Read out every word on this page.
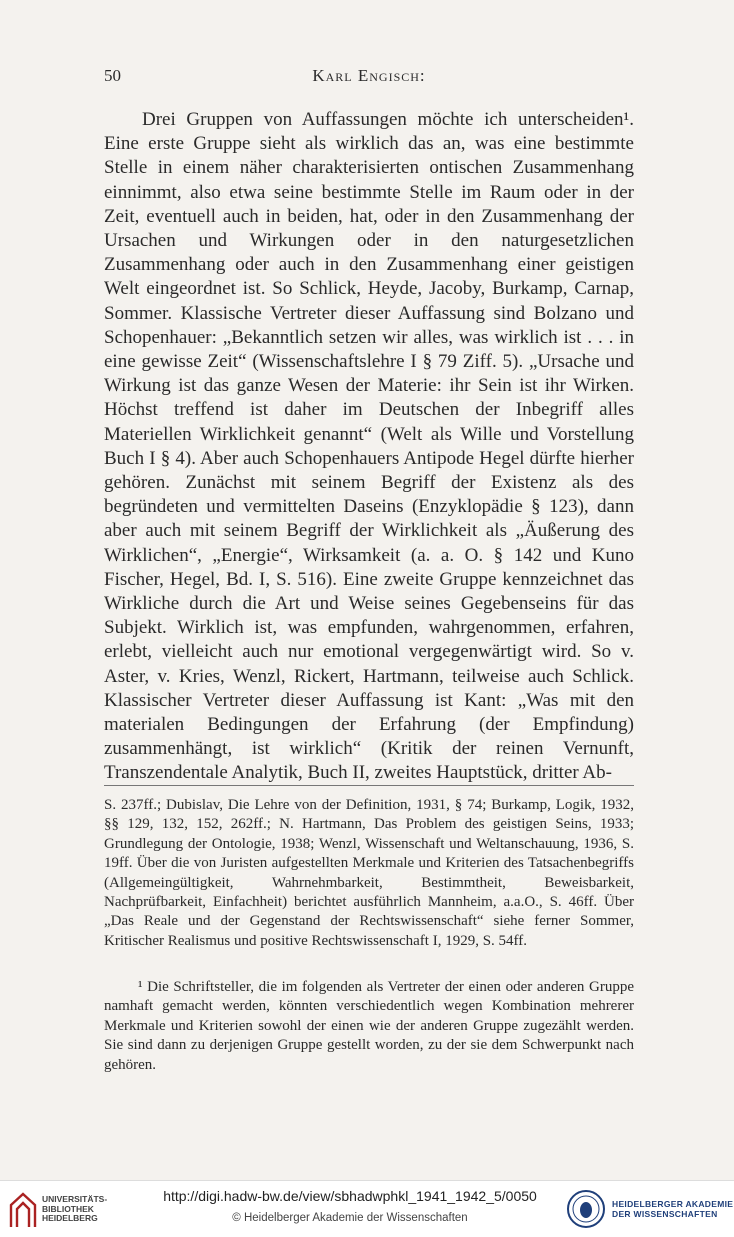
50	Karl Engisch:

Drei Gruppen von Auffassungen möchte ich unterscheiden¹. Eine erste Gruppe sieht als wirklich das an, was eine bestimmte Stelle in einem näher charakterisierten ontischen Zusammenhang einnimmt, also etwa seine bestimmte Stelle im Raum oder in der Zeit, eventuell auch in beiden, hat, oder in den Zusammenhang der Ursachen und Wirkungen oder in den naturgesetzlichen Zusammenhang oder auch in den Zusammenhang einer geistigen Welt eingeordnet ist. So Schlick, Heyde, Jacoby, Burkamp, Carnap, Sommer. Klassische Vertreter dieser Auffassung sind Bolzano und Schopenhauer: „Bekanntlich setzen wir alles, was wirklich ist . . . in eine gewisse Zeit“ (Wissenschaftslehre I § 79 Ziff. 5). „Ursache und Wirkung ist das ganze Wesen der Materie: ihr Sein ist ihr Wirken. Höchst treffend ist daher im Deutschen der Inbegriff alles Materiellen Wirklichkeit genannt“ (Welt als Wille und Vorstellung Buch I § 4). Aber auch Schopenhauers Antipode Hegel dürfte hierher gehören. Zunächst mit seinem Begriff der Existenz als des begründeten und vermittelten Daseins (Enzyklopädie § 123), dann aber auch mit seinem Begriff der Wirklichkeit als „Äußerung des Wirklichen“, „Energie“, Wirksamkeit (a. a. O. § 142 und Kuno Fischer, Hegel, Bd. I, S. 516). Eine zweite Gruppe kennzeichnet das Wirkliche durch die Art und Weise seines Gegebenseins für das Subjekt. Wirklich ist, was empfunden, wahrgenommen, erfahren, erlebt, vielleicht auch nur emotional vergegenwärtigt wird. So v. Aster, v. Kries, Wenzl, Rickert, Hartmann, teilweise auch Schlick. Klassischer Vertreter dieser Auffassung ist Kant: „Was mit den materialen Bedingungen der Erfahrung (der Empfindung) zusammenhängt, ist wirklich“ (Kritik der reinen Vernunft, Transzendentale Analytik, Buch II, zweites Hauptstück, dritter Ab-

S. 237ff.; Dubislav, Die Lehre von der Definition, 1931, § 74; Burkamp, Logik, 1932, §§ 129, 132, 152, 262ff.; N. Hartmann, Das Problem des geistigen Seins, 1933; Grundlegung der Ontologie, 1938; Wenzl, Wissenschaft und Weltanschauung, 1936, S. 19ff. Über die von Juristen aufgestellten Merkmale und Kriterien des Tatsachenbegriffs (Allgemeingültigkeit, Wahrnehmbarkeit, Bestimmtheit, Beweisbarkeit, Nachprüfbarkeit, Einfachheit) berichtet ausführlich Mannheim, a.a.O., S. 46ff. Über „Das Reale und der Gegenstand der Rechtswissenschaft“ siehe ferner Sommer, Kritischer Realismus und positive Rechtswissenschaft I, 1929, S. 54ff.

¹ Die Schriftsteller, die im folgenden als Vertreter der einen oder anderen Gruppe namhaft gemacht werden, könnten verschiedentlich wegen Kombination mehrerer Merkmale und Kriterien sowohl der einen wie der anderen Gruppe zugezählt werden. Sie sind dann zu derjenigen Gruppe gestellt worden, zu der sie dem Schwerpunkt nach gehören.

UNIVERSITÄTS-
BIBLIOTHEK
HEIDELBERG
http://digi.hadw-bw.de/view/sbhadwphkl_1941_1942_5/0050
© Heidelberger Akademie der Wissenschaften
HEIDELBERGER AKADEMIE
DER WISSENSCHAFTEN
